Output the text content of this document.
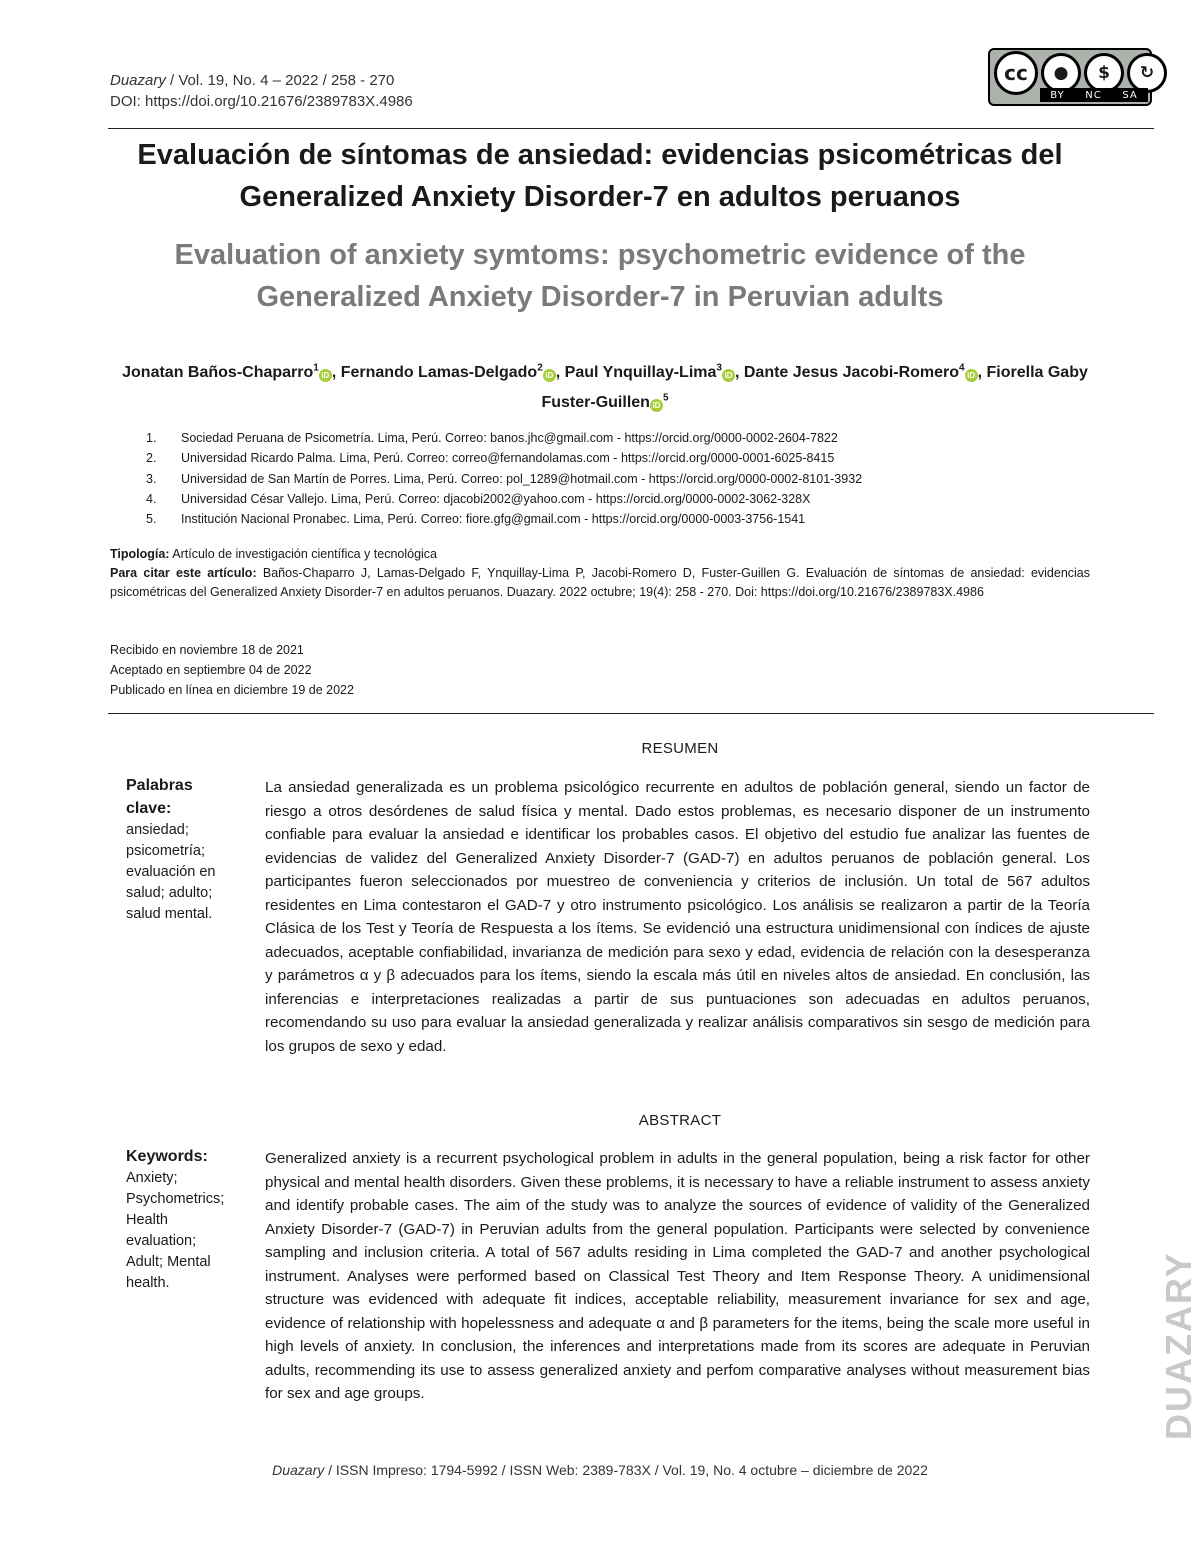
Duazary / Vol. 19, No. 4 – 2022 / 258 - 270
DOI: https://doi.org/10.21676/2389783X.4986
cc	●	$	↻
BY NC SA
Evaluación de síntomas de ansiedad: evidencias psicométricas del Generalized Anxiety Disorder-7 en adultos peruanos
Evaluation of anxiety symtoms: psychometric evidence of the Generalized Anxiety Disorder-7 in Peruvian adults
Jonatan Baños-Chaparro$^1$iD , Fernando Lamas-Delgado$^2$iD , Paul Ynquillay-Lima$^3$iD , Dante Jesus Jacobi-Romero$^4$iD , Fiorella Gaby Fuster-Guillen $iD^5$
1.	Sociedad Peruana de Psicometría. Lima, Perú. Correo: banos.jhc@gmail.com - https://orcid.org/0000-0002-2604-7822
2.	Universidad Ricardo Palma. Lima, Perú. Correo: correo@fernandolamas.com - https://orcid.org/0000-0001-6025-8415
3.	Universidad de San Martín de Porres. Lima, Perú. Correo: pol_1289@hotmail.com - https://orcid.org/0000-0002-8101-3932
4.	Universidad César Vallejo. Lima, Perú. Correo: djacobi2002@yahoo.com - https://orcid.org/0000-0002-3062-328X
5.	Institución Nacional Pronabec. Lima, Perú. Correo: fiore.gfg@gmail.com - https://orcid.org/0000-0003-3756-1541
Tipología: Artículo de investigación científica y tecnológica
Para citar este artículo: Baños-Chaparro J, Lamas-Delgado F, Ynquillay-Lima P, Jacobi-Romero D, Fuster-Guillen G. Evaluación de síntomas de ansiedad: evidencias psicométricas del Generalized Anxiety Disorder-7 en adultos peruanos. Duazary. 2022 octubre; 19(4): 258 - 270. Doi: https://doi.org/10.21676/2389783X.4986
Recibido en noviembre 18 de 2021
Aceptado en septiembre 04 de 2022
Publicado en línea en diciembre 19 de 2022
RESUMEN
Palabras clave:
ansiedad; psicometría; evaluación en salud; adulto; salud mental.
La ansiedad generalizada es un problema psicológico recurrente en adultos de población general, siendo un factor de riesgo a otros desórdenes de salud física y mental. Dado estos problemas, es necesario disponer de un instrumento confiable para evaluar la ansiedad e identificar los probables casos. El objetivo del estudio fue analizar las fuentes de evidencias de validez del Generalized Anxiety Disorder-7 (GAD-7) en adultos peruanos de población general. Los participantes fueron seleccionados por muestreo de conveniencia y criterios de inclusión. Un total de 567 adultos residentes en Lima contestaron el GAD-7 y otro instrumento psicológico. Los análisis se realizaron a partir de la Teoría Clásica de los Test y Teoría de Respuesta a los ítems. Se evidenció una estructura unidimensional con índices de ajuste adecuados, aceptable confiabilidad, invarianza de medición para sexo y edad, evidencia de relación con la desesperanza y parámetros α y β adecuados para los ítems, siendo la escala más útil en niveles altos de ansiedad. En conclusión, las inferencias e interpretaciones realizadas a partir de sus puntuaciones son adecuadas en adultos peruanos, recomendando su uso para evaluar la ansiedad generalizada y realizar análisis comparativos sin sesgo de medición para los grupos de sexo y edad.
ABSTRACT
Keywords:
Anxiety; Psychometrics; Health evaluation; Adult; Mental health.
Generalized anxiety is a recurrent psychological problem in adults in the general population, being a risk factor for other physical and mental health disorders. Given these problems, it is necessary to have a reliable instrument to assess anxiety and identify probable cases. The aim of the study was to analyze the sources of evidence of validity of the Generalized Anxiety Disorder-7 (GAD-7) in Peruvian adults from the general population. Participants were selected by convenience sampling and inclusion criteria. A total of 567 adults residing in Lima completed the GAD-7 and another psychological instrument. Analyses were performed based on Classical Test Theory and Item Response Theory. A unidimensional structure was evidenced with adequate fit indices, acceptable reliability, measurement invariance for sex and age, evidence of relationship with hopelessness and adequate α and β parameters for the items, being the scale more useful in high levels of anxiety. In conclusion, the inferences and interpretations made from its scores are adequate in Peruvian adults, recommending its use to assess generalized anxiety and perfom comparative analyses without measurement bias for sex and age groups.	DUAZARY
Duazary / ISSN Impreso: 1794-5992 / ISSN Web: 2389-783X / Vol. 19, No. 4 octubre – diciembre de 2022
